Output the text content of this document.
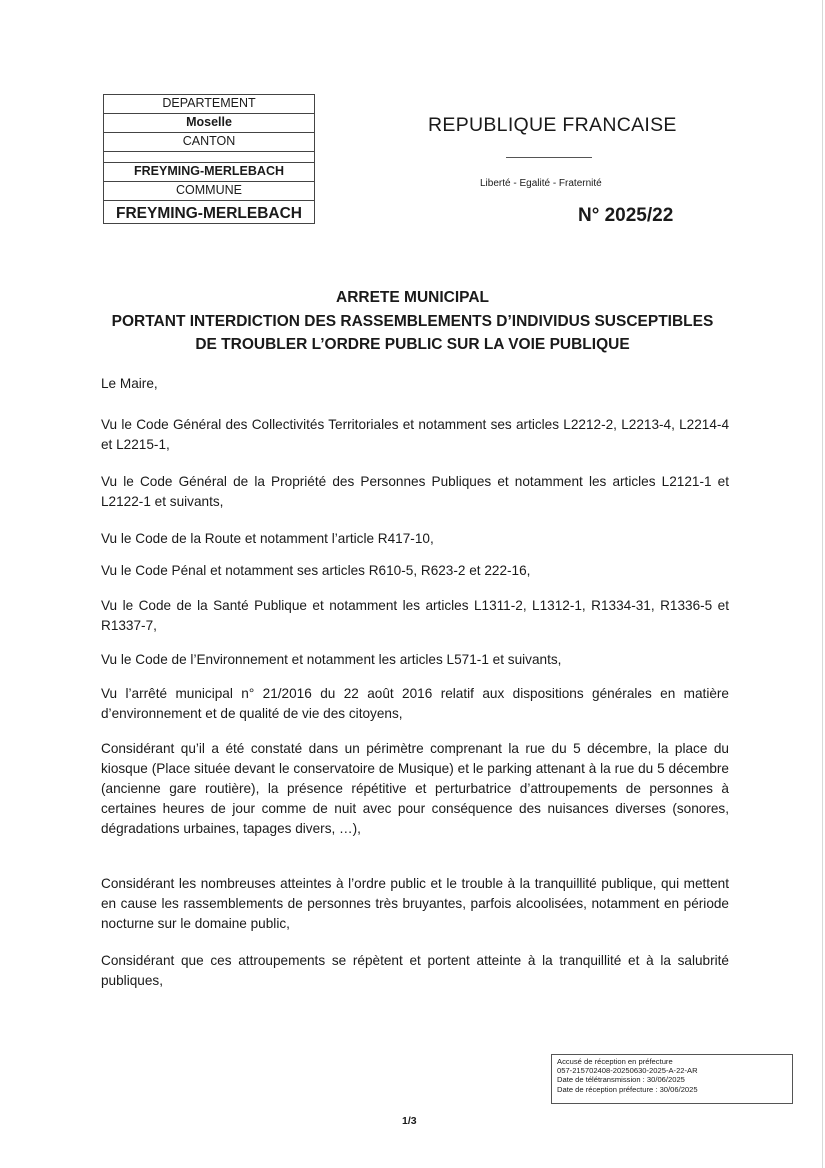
DEPARTEMENT
Moselle
CANTON
FREYMING-MERLEBACH
COMMUNE
FREYMING-MERLEBACH
REPUBLIQUE FRANCAISE
Liberté - Egalité - Fraternité
N° 2025/22
ARRETE MUNICIPAL
PORTANT INTERDICTION DES RASSEMBLEMENTS D’INDIVIDUS SUSCEPTIBLES
DE TROUBLER L’ORDRE PUBLIC SUR LA VOIE PUBLIQUE
Le Maire,
Vu le Code Général des Collectivités Territoriales et notamment ses articles L2212-2, L2213-4, L2214-4 et L2215-1,
Vu le Code Général de la Propriété des Personnes Publiques et notamment les articles L2121-1 et L2122-1 et suivants,
Vu le Code de la Route et notamment l’article R417-10,
Vu le Code Pénal et notamment ses articles R610-5, R623-2 et 222-16,
Vu le Code de la Santé Publique et notamment les articles L1311-2, L1312-1, R1334-31, R1336-5 et R1337-7,
Vu le Code de l’Environnement et notamment les articles L571-1 et suivants,
Vu l’arrêté municipal n° 21/2016 du 22 août 2016 relatif aux dispositions générales en matière d’environnement et de qualité de vie des citoyens,
Considérant qu’il a été constaté dans un périmètre comprenant la rue du 5 décembre, la place du kiosque (Place située devant le conservatoire de Musique) et le parking attenant à la rue du 5 décembre (ancienne gare routière), la présence répétitive et perturbatrice d’attroupements de personnes à certaines heures de jour comme de nuit avec pour conséquence des nuisances diverses (sonores, dégradations urbaines, tapages divers, …),
Considérant les nombreuses atteintes à l’ordre public et le trouble à la tranquillité publique, qui mettent en cause les rassemblements de personnes très bruyantes, parfois alcoolisées, notamment en période nocturne sur le domaine public,
Considérant que ces attroupements se répètent et portent atteinte à la tranquillité et à la salubrité publiques,
Accusé de réception en préfecture
057-215702408-20250630-2025-A-22-AR
Date de télétransmission : 30/06/2025
Date de réception préfecture : 30/06/2025
1/3
